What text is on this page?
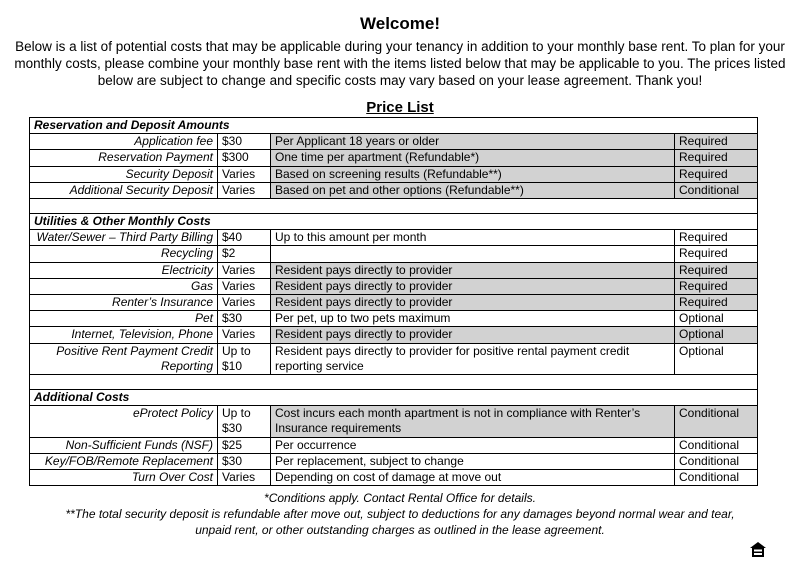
Welcome!
Below is a list of potential costs that may be applicable during your tenancy in addition to your monthly base rent. To plan for your monthly costs, please combine your monthly base rent with the items listed below that may be applicable to you. The prices listed below are subject to change and specific costs may vary based on your lease agreement. Thank you!
Price List
Reservation and Deposit Amounts			
Application fee	$30	Per Applicant 18 years or older	Required
Reservation Payment	$300	One time per apartment (Refundable*)	Required
Security Deposit	Varies	Based on screening results (Refundable**)	Required
Additional Security Deposit	Varies	Based on pet and other options (Refundable**)	Conditional

Utilities & Other Monthly Costs			
Water/Sewer – Third Party Billing	$40	Up to this amount per month	Required
Recycling	$2		Required
Electricity	Varies	Resident pays directly to provider	Required
Gas	Varies	Resident pays directly to provider	Required
Renter’s Insurance	Varies	Resident pays directly to provider	Required
Pet	$30	Per pet, up to two pets maximum	Optional
Internet, Television, Phone	Varies	Resident pays directly to provider	Optional
Positive Rent Payment Credit Reporting	Up to $10	Resident pays directly to provider for positive rental payment credit reporting service	Optional

Additional Costs			
eProtect Policy	Up to $30	Cost incurs each month apartment is not in compliance with Renter’s Insurance requirements	Conditional
Non-Sufficient Funds (NSF)	$25	Per occurrence	Conditional
Key/FOB/Remote Replacement	$30	Per replacement, subject to change	Conditional
Turn Over Cost	Varies	Depending on cost of damage at move out	Conditional
*Conditions apply. Contact Rental Office for details.
**The total security deposit is refundable after move out, subject to deductions for any damages beyond normal wear and tear, unpaid rent, or other outstanding charges as outlined in the lease agreement.
